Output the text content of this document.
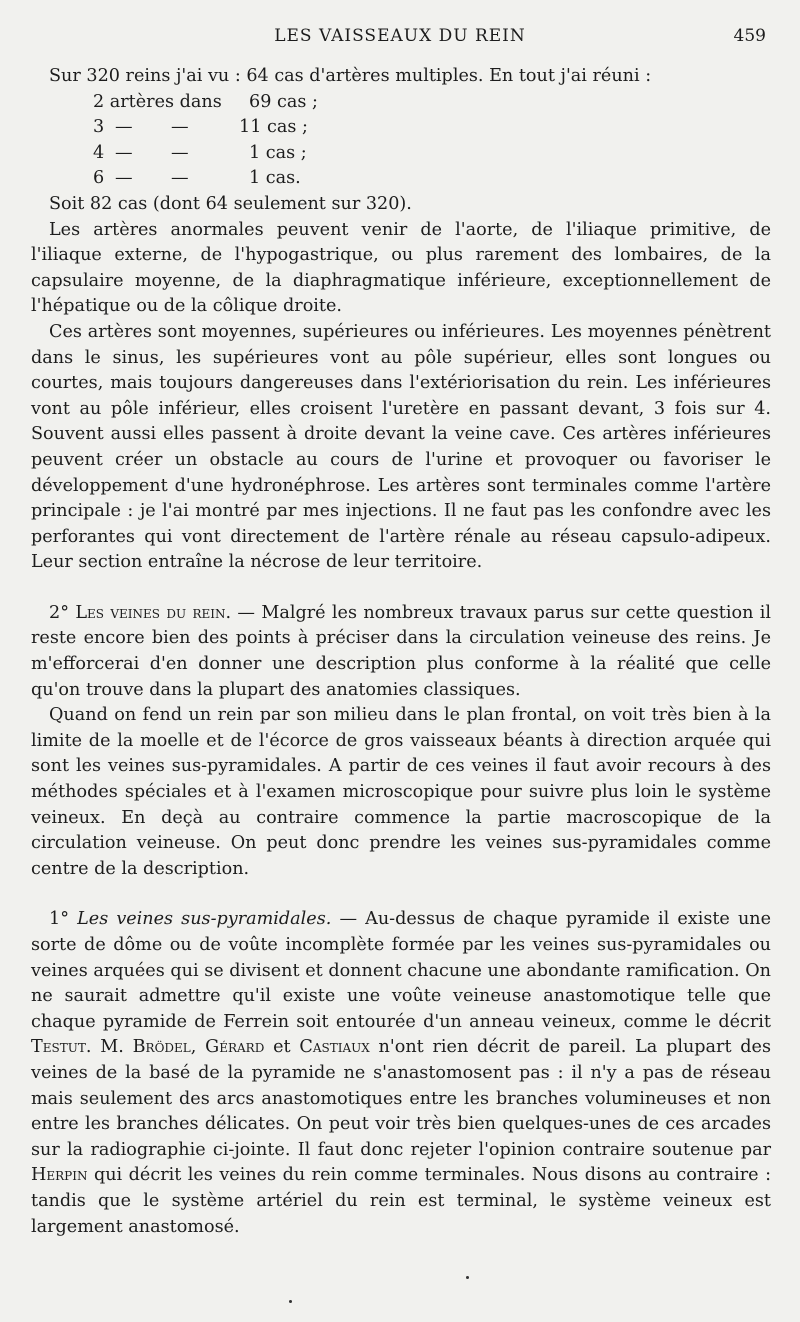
LES VAISSEAUX DU REIN	459

Sur 320 reins j'ai vu : 64 cas d'artères multiples. En tout j'ai réuni :

2 artères dans 69 cas ;
3 — —	11 cas ;
4 — —	1 cas ;
6 — —	1 cas.

Soit 82 cas (dont 64 seulement sur 320).

Les artères anormales peuvent venir de l'aorte, de l'iliaque primitive, de l'iliaque externe, de l'hypogastrique, ou plus rarement des lombaires, de la capsulaire moyenne, de la diaphragmatique inférieure, exceptionnellement de l'hépatique ou de la côlique droite.

Ces artères sont moyennes, supérieures ou inférieures. Les moyennes pénètrent dans le sinus, les supérieures vont au pôle supérieur, elles sont longues ou courtes, mais toujours dangereuses dans l'extériorisation du rein. Les inférieures vont au pôle inférieur, elles croisent l'uretère en passant devant, 3 fois sur 4. Souvent aussi elles passent à droite devant la veine cave. Ces artères inférieures peuvent créer un obstacle au cours de l'urine et provoquer ou favoriser le développement d'une hydronéphrose. Les artères sont terminales comme l'artère principale : je l'ai montré par mes injections. Il ne faut pas les confondre avec les perforantes qui vont directement de l'artère rénale au réseau capsulo-adipeux. Leur section entraîne la nécrose de leur territoire.

2° Les veines du rein. — Malgré les nombreux travaux parus sur cette question il reste encore bien des points à préciser dans la circulation veineuse des reins. Je m'efforcerai d'en donner une description plus conforme à la réalité que celle qu'on trouve dans la plupart des anatomies classiques.

Quand on fend un rein par son milieu dans le plan frontal, on voit très bien à la limite de la moelle et de l'écorce de gros vaisseaux béants à direction arquée qui sont les veines sus-pyramidales. A partir de ces veines il faut avoir recours à des méthodes spéciales et à l'examen microscopique pour suivre plus loin le système veineux. En deçà au contraire commence la partie macroscopique de la circulation veineuse. On peut donc prendre les veines sus-pyramidales comme centre de la description.

1° Les veines sus-pyramidales. — Au-dessus de chaque pyramide il existe une sorte de dôme ou de voûte incomplète formée par les veines sus-pyramidales ou veines arquées qui se divisent et donnent chacune une abondante ramification. On ne saurait admettre qu'il existe une voûte veineuse anastomotique telle que chaque pyramide de Ferrein soit entourée d'un anneau veineux, comme le décrit Testut. M. Brödel, Gérard et Castiaux n'ont rien décrit de pareil. La plupart des veines de la basé de la pyramide ne s'anastomosent pas : il n'y a pas de réseau mais seulement des arcs anastomotiques entre les branches volumineuses et non entre les branches délicates. On peut voir très bien quelques-unes de ces arcades sur la radiographie ci-jointe. Il faut donc rejeter l'opinion contraire soutenue par Herpin qui décrit les veines du rein comme terminales. Nous disons au contraire : tandis que le système artériel du rein est terminal, le système veineux est largement anastomosé.
